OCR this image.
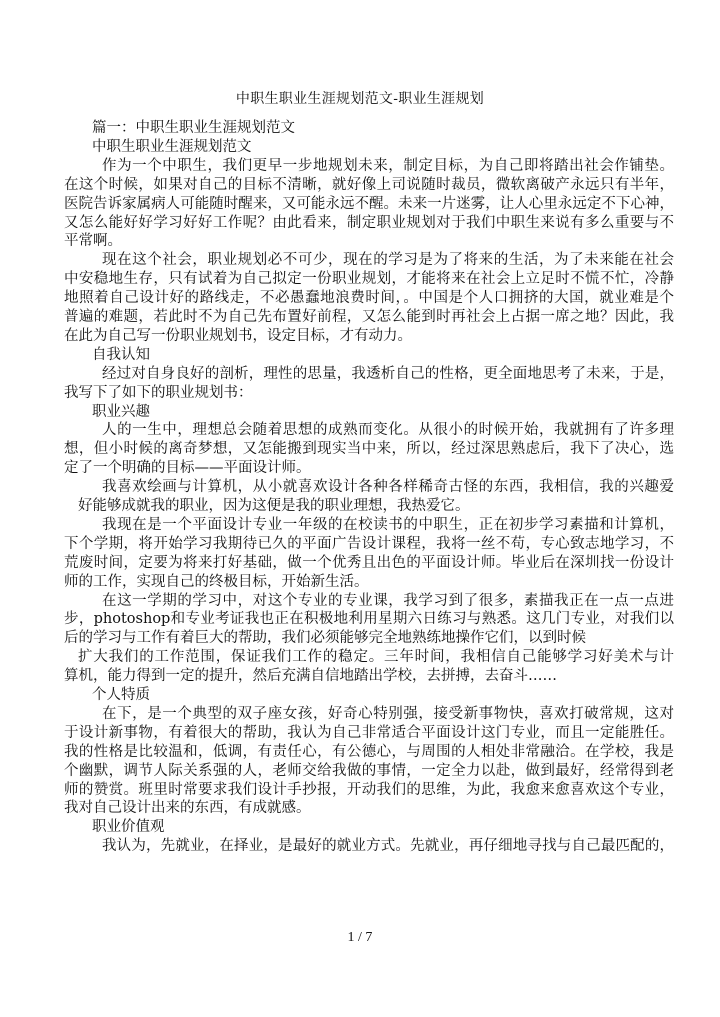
中职生职业生涯规划范文-职业生涯规划
篇一：中职生职业生涯规划范文
中职生职业生涯规划范文
作为一个中职生，我们更早一步地规划未来，制定目标，为自己即将踏出社会作铺垫。
在这个时候，如果对自己的目标不清晰，就好像上司说随时裁员，微软离破产永远只有半年，
医院告诉家属病人可能随时醒来，又可能永远不醒。未来一片迷雾，让人心里永远定不下心神，
又怎么能好好学习好好工作呢？由此看来，制定职业规划对于我们中职生来说有多么重要与不
平常啊。
现在这个社会，职业规划必不可少，现在的学习是为了将来的生活，为了未来能在社会
中安稳地生存，只有试着为自己拟定一份职业规划，才能将来在社会上立足时不慌不忙，冷静
地照着自己设计好的路线走，不必愚蠢地浪费时间，。中国是个人口拥挤的大国，就业难是个
普遍的难题，若此时不为自己先布置好前程，又怎么能到时再社会上占据一席之地？因此，我
在此为自己写一份职业规划书，设定目标，才有动力。
自我认知
经过对自身良好的剖析，理性的思量，我透析自己的性格，更全面地思考了未来，于是，
我写下了如下的职业规划书：
职业兴趣
人的一生中，理想总会随着思想的成熟而变化。从很小的时候开始，我就拥有了许多理
想，但小时候的离奇梦想，又怎能搬到现实当中来，所以，经过深思熟虑后，我下了决心，选
定了一个明确的目标——平面设计师。
我喜欢绘画与计算机，从小就喜欢设计各种各样稀奇古怪的东西，我相信，我的兴趣爱
好能够成就我的职业，因为这便是我的职业理想，我热爱它。
我现在是一个平面设计专业一年级的在校读书的中职生，正在初步学习素描和计算机，
下个学期，将开始学习我期待已久的平面广告设计课程，我将一丝不苟，专心致志地学习，不
荒废时间，定要为将来打好基础，做一个优秀且出色的平面设计师。毕业后在深圳找一份设计
师的工作，实现自己的终极目标，开始新生活。
在这一学期的学习中，对这个专业的专业课，我学习到了很多，素描我正在一点一点进
步，photoshop和专业考证我也正在积极地利用星期六日练习与熟悉。这几门专业，对我们以
后的学习与工作有着巨大的帮助，我们必须能够完全地熟练地操作它们，以到时候
扩大我们的工作范围，保证我们工作的稳定。三年时间，我相信自己能够学习好美术与计
算机，能力得到一定的提升，然后充满自信地踏出学校，去拼搏，去奋斗……
个人特质
在下，是一个典型的双子座女孩，好奇心特别强，接受新事物快，喜欢打破常规，这对
于设计新事物，有着很大的帮助，我认为自己非常适合平面设计这门专业，而且一定能胜任。
我的性格是比较温和，低调，有责任心，有公德心，与周围的人相处非常融洽。在学校，我是
个幽默，调节人际关系强的人，老师交给我做的事情，一定全力以赴，做到最好，经常得到老
师的赞赏。班里时常要求我们设计手抄报，开动我们的思维，为此，我愈来愈喜欢这个专业，
我对自己设计出来的东西，有成就感。
职业价值观
我认为，先就业，在择业，是最好的就业方式。先就业，再仔细地寻找与自己最匹配的，
1 / 7
